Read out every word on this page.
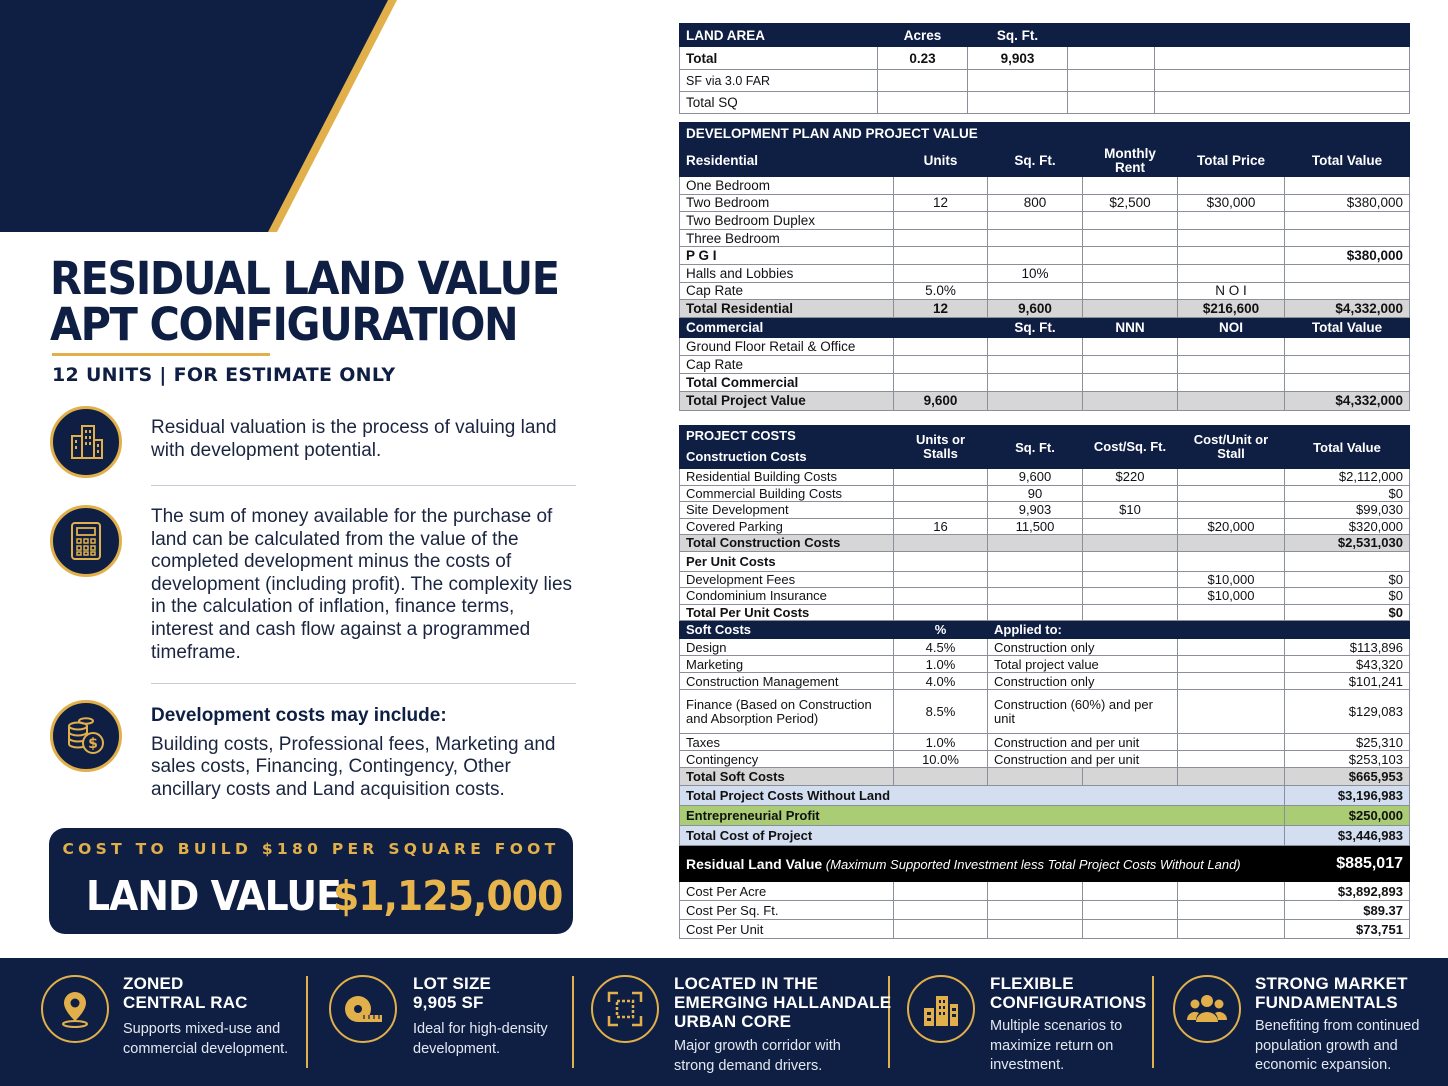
RESIDUAL LAND VALUE
APT CONFIGURATION
12 UNITS | FOR ESTIMATE ONLY
Residual valuation is the process of valuing land with development potential.
The sum of money available for the purchase of land can be calculated from the value of the completed development minus the costs of development (including profit). The complexity lies in the calculation of inflation, finance terms, interest and cash flow against a programmed timeframe.
$
Development costs may include:
Building costs, Professional fees, Marketing and sales costs, Financing, Contingency, Other ancillary costs and Land acquisition costs.
COST TO BUILD $180 PER SQUARE FOOT
LAND VALUE
$1,125,000
LAND AREA	Acres	Sq. Ft.		
Total	0.23	9,903		
SF via 3.0 FAR				
Total SQ				
DEVELOPMENT PLAN AND PROJECT VALUE					
Residential	Units	Sq. Ft.	Monthly Rent	Total Price	Total Value
One Bedroom					
Two Bedroom	12	800	$2,500	$30,000	$380,000
Two Bedroom Duplex					
Three Bedroom					
P G I					$380,000
Halls and Lobbies		10%			
Cap Rate	5.0%			N O I	
Total Residential	12	9,600		$216,600	$4,332,000
Commercial		Sq. Ft.	NNN	NOI	Total Value
Ground Floor Retail & Office					
Cap Rate					
Total Commercial					
Total Project Value	9,600				$4,332,000
PROJECT COSTS	Units or Stalls	Sq. Ft.	Cost/Sq. Ft.	Cost/Unit or Stall	Total Value
Construction Costs					
Residential Building Costs		9,600	$220		$2,112,000
Commercial Building Costs		90			$0
Site Development		9,903	$10		$99,030
Covered Parking	16	11,500		$20,000	$320,000
Total Construction Costs					$2,531,030
Per Unit Costs					
Development Fees				$10,000	$0
Condominium Insurance				$10,000	$0
Total Per Unit Costs					$0
Soft Costs	%	Applied to:			
Design	4.5%	Construction only			$113,896
Marketing	1.0%	Total project value			$43,320
Construction Management	4.0%	Construction only			$101,241
Finance (Based on Construction and Absorption Period)	8.5%	Construction (60%) and per unit			$129,083
Taxes	1.0%	Construction and per unit			$25,310
Contingency	10.0%	Construction and per unit			$253,103
Total Soft Costs					$665,953
Total Project Costs Without Land					$3,196,983
Entrepreneurial Profit					$250,000
Total Cost of Project					$3,446,983
Residual Land Value (Maximum Supported Investment less Total Project Costs Without Land)					$885,017
Cost Per Acre					$3,892,893
Cost Per Sq. Ft.					$89.37
Cost Per Unit					$73,751
ZONED
CENTRAL RAC
Supports mixed-use and
commercial development.
LOT SIZE
9,905 SF
Ideal for high-density
development.
LOCATED IN THE
EMERGING HALLANDALE
URBAN CORE
Major growth corridor with
strong demand drivers.
FLEXIBLE
CONFIGURATIONS
Multiple scenarios to
maximize return on
investment.
STRONG MARKET
FUNDAMENTALS
Benefiting from continued
population growth and
economic expansion.
